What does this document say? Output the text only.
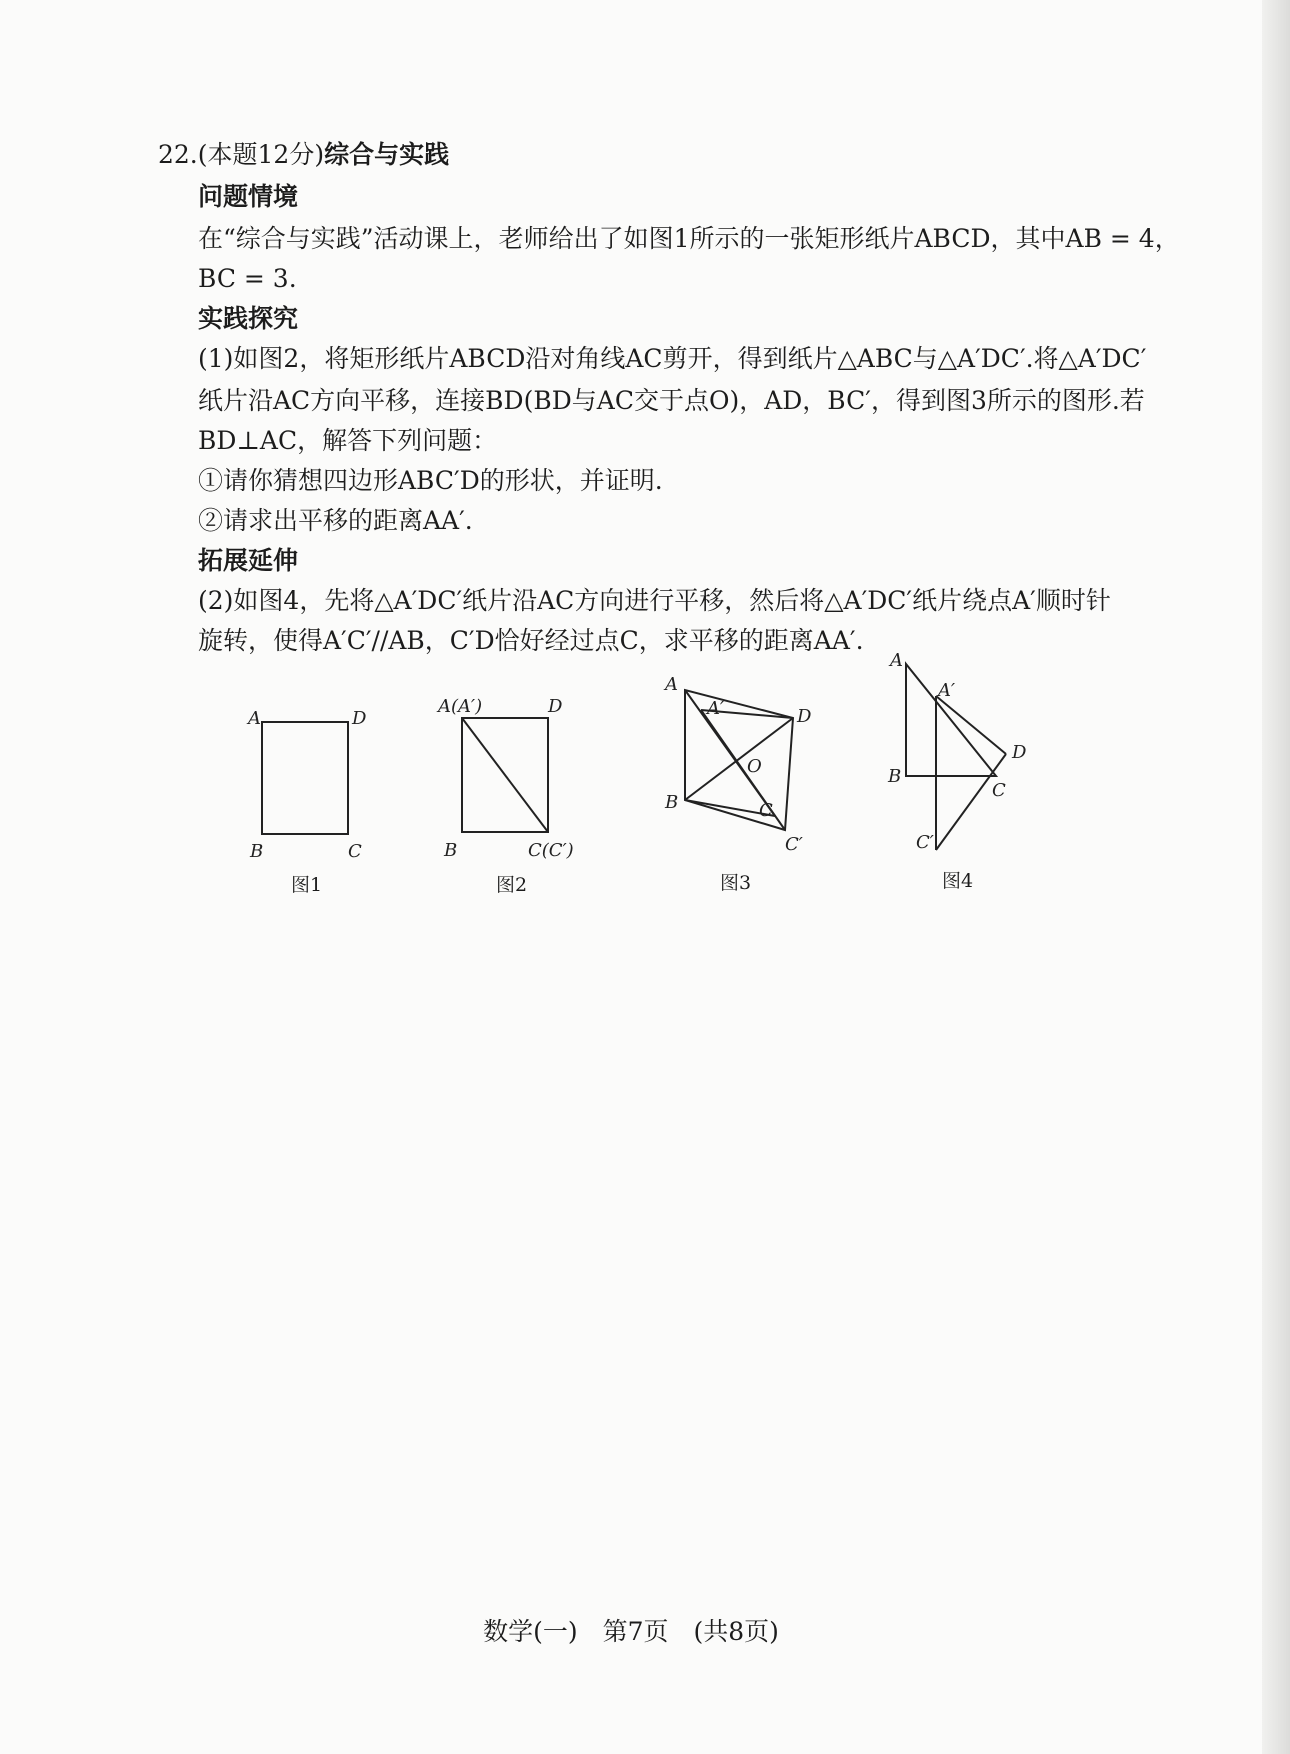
22.(本题12分)综合与实践
问题情境
在“综合与实践”活动课上，老师给出了如图1所示的一张矩形纸片ABCD，其中AB = 4，
BC = 3.
实践探究
(1)如图2，将矩形纸片ABCD沿对角线AC剪开，得到纸片△ABC与△A′DC′.将△A′DC′
纸片沿AC方向平移，连接BD(BD与AC交于点O)，AD，BC′，得到图3所示的图形.若
BD⊥AC，解答下列问题：
①请你猜想四边形ABC′D的形状，并证明.
②请求出平移的距离AA′.
拓展延伸
(2)如图4，先将△A′DC′纸片沿AC方向进行平移，然后将△A′DC′纸片绕点A′顺时针
旋转，使得A′C′//AB，C′D恰好经过点C，求平移的距离AA′.
A	D
B	C
图1
A(A′)	D
B	C(C′)
图2
A
A′	D
O
B	C
C′
图3
A
A′
B
D
C
C′
图4
数学(一)　第7页　(共8页)
